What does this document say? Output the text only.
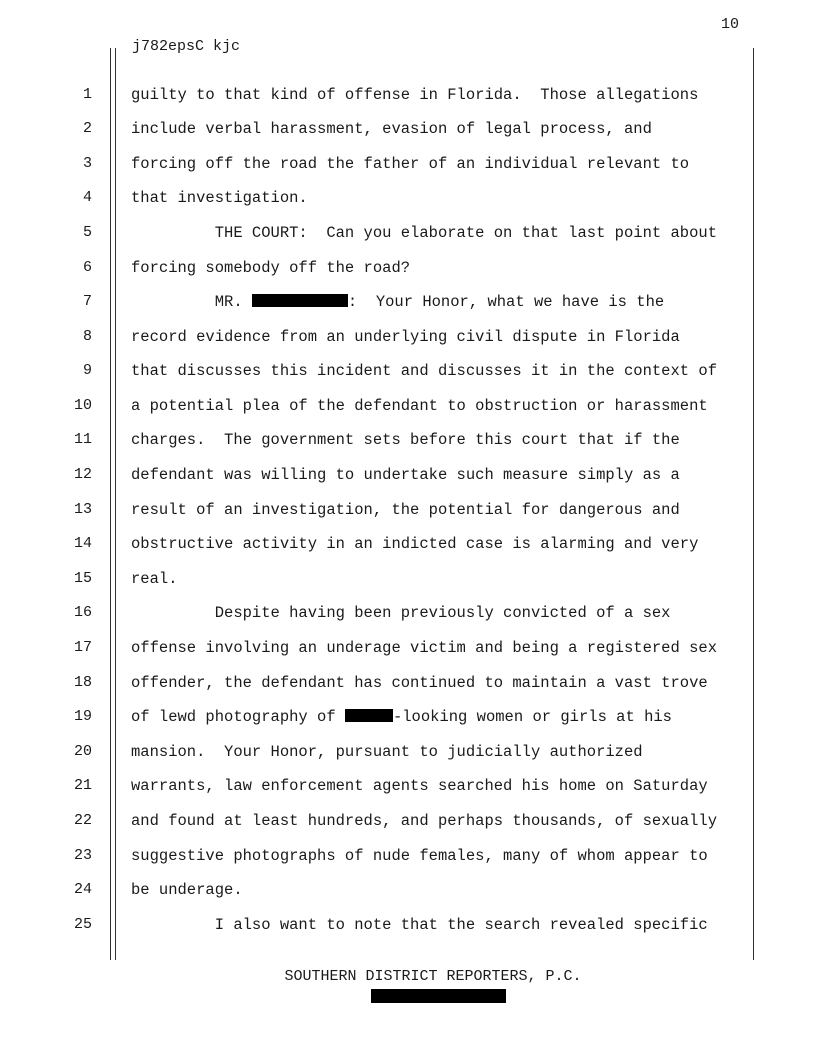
10
j782epsC kjc
1	guilty to that kind of offense in Florida.  Those allegations
2	include verbal harassment, evasion of legal process, and
3	forcing off the road the father of an individual relevant to
4	that investigation.
5	THE COURT:  Can you elaborate on that last point about
6	forcing somebody off the road?
7	MR.	:  Your Honor, what we have is the
8	record evidence from an underlying civil dispute in Florida
9	that discusses this incident and discusses it in the context of
10	a potential plea of the defendant to obstruction or harassment
11	charges.  The government sets before this court that if the
12	defendant was willing to undertake such measure simply as a
13	result of an investigation, the potential for dangerous and
14	obstructive activity in an indicted case is alarming and very
15	real.
16	Despite having been previously convicted of a sex
17	offense involving an underage victim and being a registered sex
18	offender, the defendant has continued to maintain a vast trove
19	of lewd photography of	-looking women or girls at his
20	mansion.  Your Honor, pursuant to judicially authorized
21	warrants, law enforcement agents searched his home on Saturday
22	and found at least hundreds, and perhaps thousands, of sexually
23	suggestive photographs of nude females, many of whom appear to
24	be underage.
25	I also want to note that the search revealed specific
SOUTHERN DISTRICT REPORTERS, P.C.
